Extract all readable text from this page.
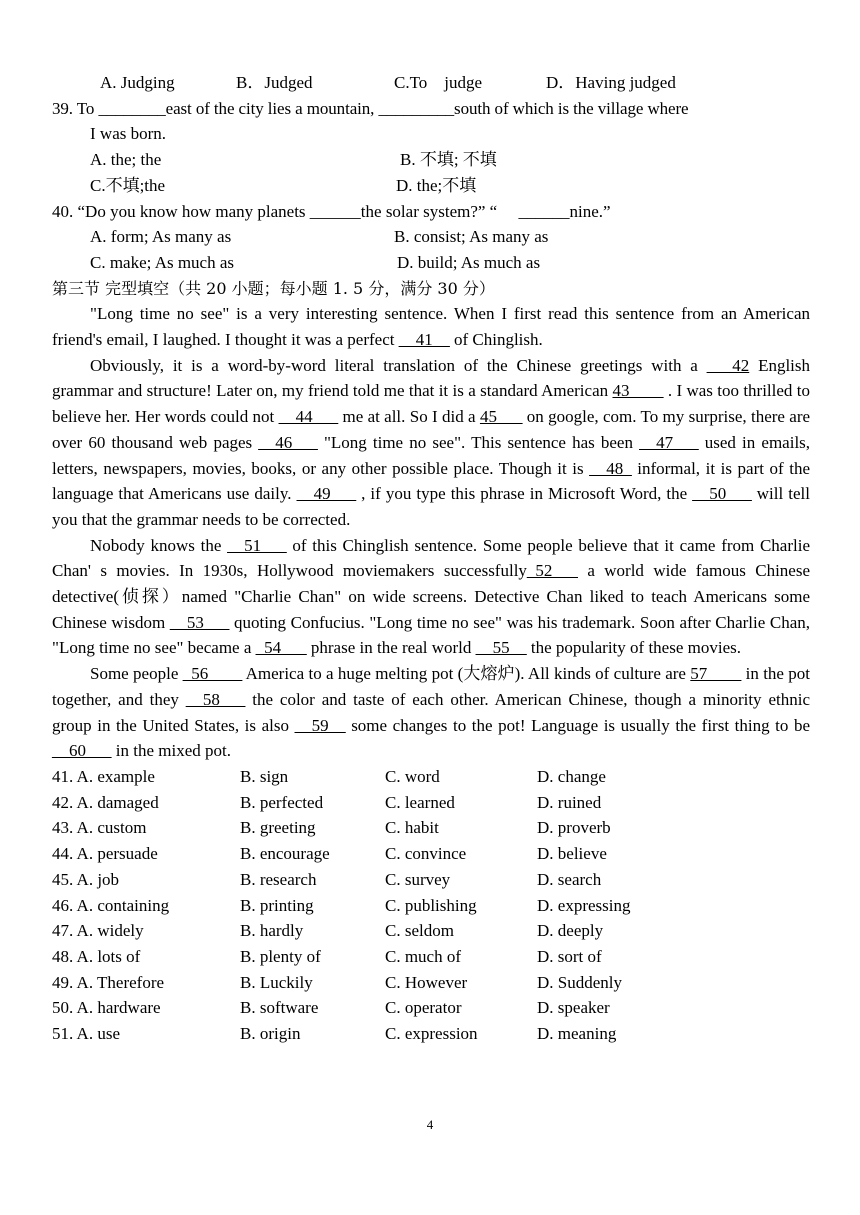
A. Judging	B．Judged	C.To    judge	D．Having judged
39. To ________east of the city lies a mountain, _________south of which is the village where
I was born.
A. the; the	B. 不填; 不填
C.不填;the	D. the;不填
40. “Do you know how many planets ______the solar system?” “     ______nine.”
A. form; As many as	B. consist; As many as
C. make; As much as	D. build; As much as
第三节 完型填空（共 20 小题；每小题 1. 5 分，满分 30 分）
"Long time no see" is a very interesting sentence. When I first read this sentence from an American friend's email, I laughed. I thought it was a perfect __41__ of Chinglish.
Obviously, it is a word-by-word literal translation of the Chinese greetings with a ___42 English grammar and structure! Later on, my friend told me that it is a standard American 43____ . I was too thrilled to believe her. Her words could not __44___ me at all. So I did a 45___ on google, com. To my surprise, there are over 60 thousand web pages __46___ "Long time no see". This sentence has been __47___ used in emails, letters, newspapers, movies, books, or any other possible place. Though it is __48_ informal, it is part of the language that Americans use daily. __49___ , if you type this phrase in Microsoft Word, the __50___ will tell you that the grammar needs to be corrected.
Nobody knows the __51___ of this Chinglish sentence. Some people believe that it came from Charlie Chan' s movies. In 1930s, Hollywood moviemakers successfully_52___ a world wide famous Chinese detective(侦探）named "Charlie Chan" on wide screens. Detective Chan liked to teach Americans some Chinese wisdom __53___ quoting Confucius. "Long time no see" was his trademark. Soon after Charlie Chan, "Long time no see" became a _54___ phrase in the real world __55__ the popularity of these movies.
Some people _56____ America to a huge melting pot (大熔炉). All kinds of culture are 57____ in the pot together, and they __58___ the color and taste of each other. American Chinese, though a minority ethnic group in the United States, is also __59__ some changes to the pot! Language is usually the first thing to be __60___ in the mixed pot.
41. A. example	B. sign	C. word	D. change
42. A. damaged	B. perfected	C. learned	D. ruined
43. A. custom	B. greeting	C. habit	D. proverb
44. A. persuade	B. encourage	C. convince	D. believe
45. A. job	B. research	C. survey	D. search
46. A. containing	B. printing	C. publishing	D. expressing
47. A. widely	B. hardly	C. seldom	D. deeply
48. A. lots of	B. plenty of	C. much of	D. sort of
49. A. Therefore	B. Luckily	C. However	D. Suddenly
50. A. hardware	B. software	C. operator	D. speaker
51. A. use	B. origin	C. expression	D. meaning
4
